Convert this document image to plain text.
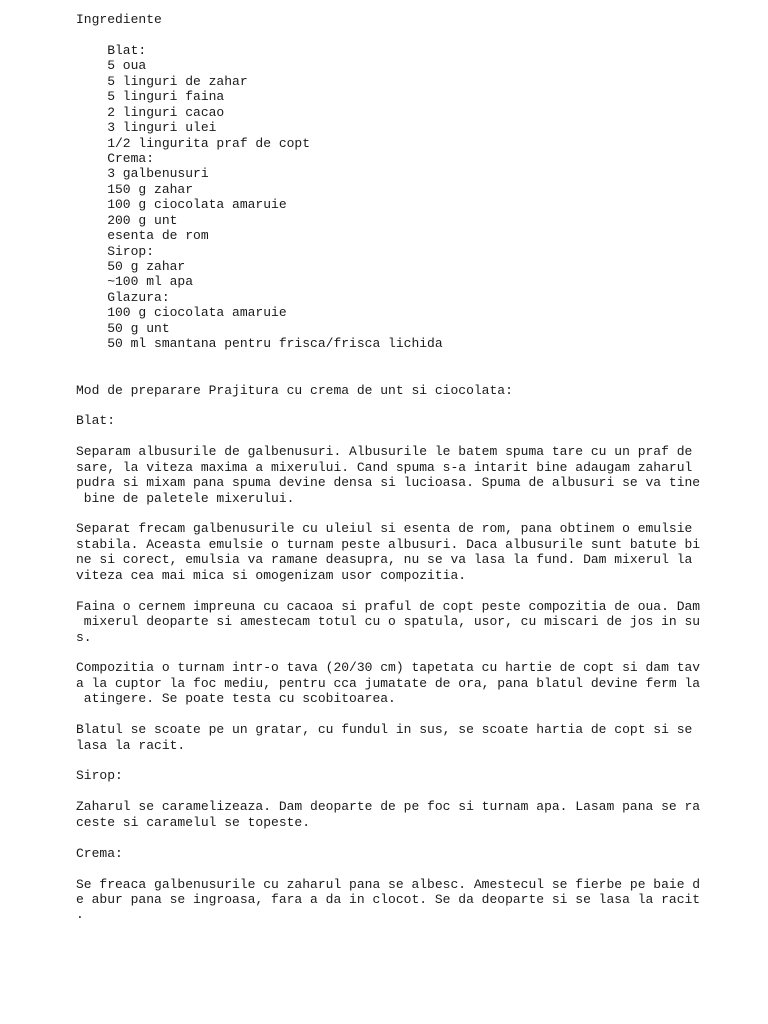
Ingrediente

Blat:
5 oua
5 linguri de zahar
5 linguri faina
2 linguri cacao
3 linguri ulei
1/2 lingurita praf de copt
Crema:
3 galbenusuri
150 g zahar
100 g ciocolata amaruie
200 g unt
esenta de rom
Sirop:
50 g zahar
~100 ml apa
Glazura:
100 g ciocolata amaruie
50 g unt
50 ml smantana pentru frisca/frisca lichida

Mod de preparare Prajitura cu crema de unt si ciocolata:

Blat:

Separam albusurile de galbenusuri. Albusurile le batem spuma tare cu un praf de
sare, la viteza maxima a mixerului. Cand spuma s-a intarit bine adaugam zaharul
pudra si mixam pana spuma devine densa si lucioasa. Spuma de albusuri se va tine
bine de paletele mixerului.

Separat frecam galbenusurile cu uleiul si esenta de rom, pana obtinem o emulsie
stabila. Aceasta emulsie o turnam peste albusuri. Daca albusurile sunt batute bi
ne si corect, emulsia va ramane deasupra, nu se va lasa la fund. Dam mixerul la
viteza cea mai mica si omogenizam usor compozitia.

Faina o cernem impreuna cu cacaoa si praful de copt peste compozitia de oua. Dam
mixerul deoparte si amestecam totul cu o spatula, usor, cu miscari de jos in su
s.

Compozitia o turnam intr-o tava (20/30 cm) tapetata cu hartie de copt si dam tav
a la cuptor la foc mediu, pentru cca jumatate de ora, pana blatul devine ferm la
atingere. Se poate testa cu scobitoarea.

Blatul se scoate pe un gratar, cu fundul in sus, se scoate hartia de copt si se
lasa la racit.

Sirop:

Zaharul se caramelizeaza. Dam deoparte de pe foc si turnam apa. Lasam pana se ra
ceste si caramelul se topeste.

Crema:

Se freaca galbenusurile cu zaharul pana se albesc. Amestecul se fierbe pe baie d
e abur pana se ingroasa, fara a da in clocot. Se da deoparte si se lasa la racit
.
